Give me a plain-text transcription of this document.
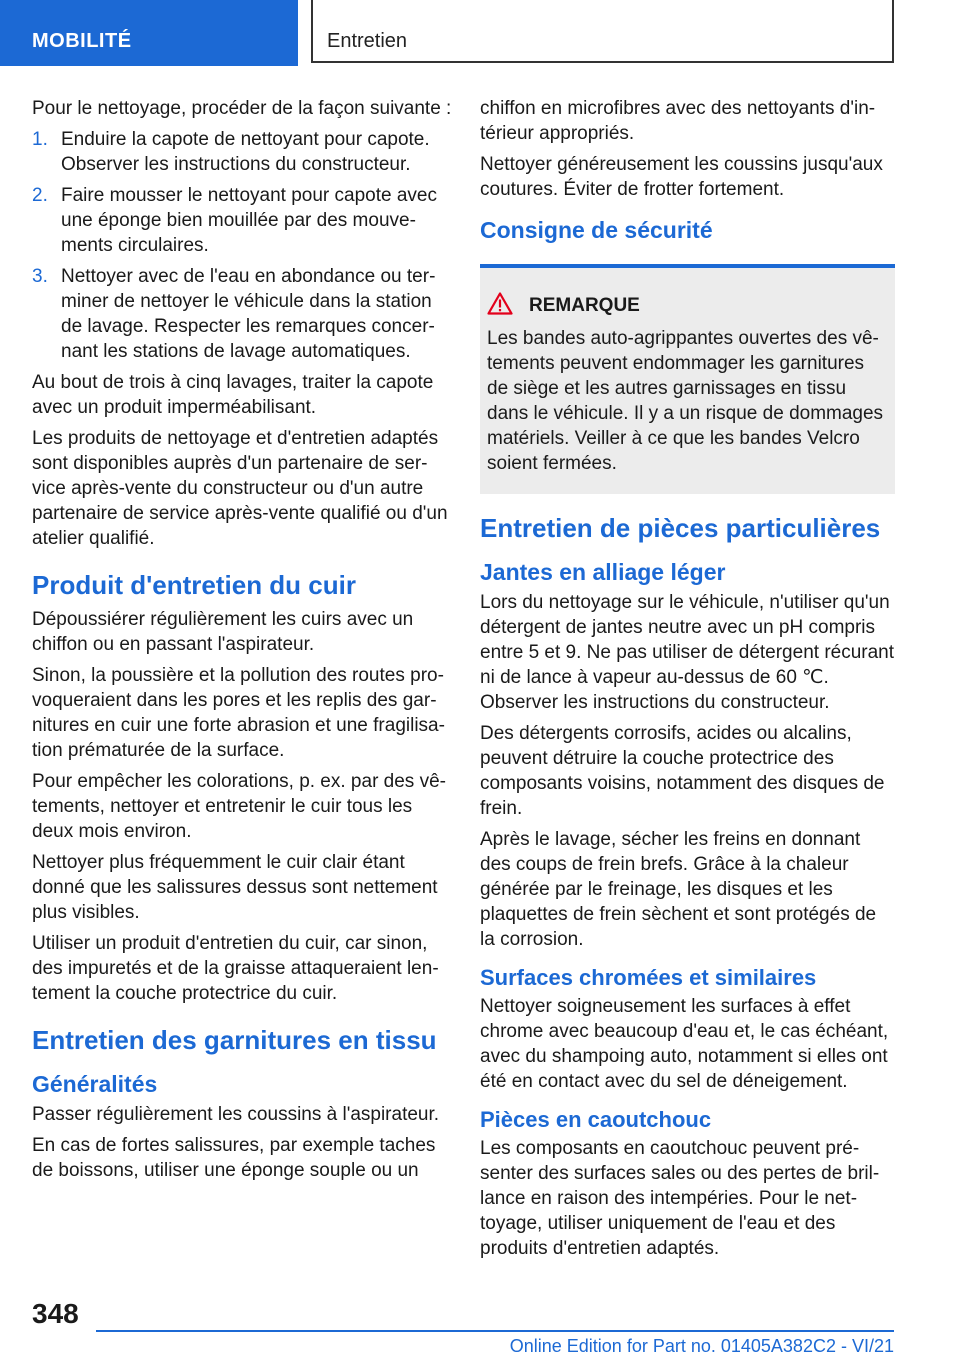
MOBILITÉ	Entretien

Pour le nettoyage, procéder de la façon suivante :

1. Enduire la capote de nettoyant pour capote. Observer les instructions du constructeur.
2. Faire mousser le nettoyant pour capote avec une éponge bien mouillée par des mouvements circulaires.
3. Nettoyer avec de l'eau en abondance ou terminer de nettoyer le véhicule dans la station de lavage. Respecter les remarques concernant les stations de lavage automatiques.

Au bout de trois à cinq lavages, traiter la capote avec un produit imperméabilisant.

Les produits de nettoyage et d'entretien adaptés sont disponibles auprès d'un partenaire de service après-vente du constructeur ou d'un autre partenaire de service après-vente qualifié ou d'un atelier qualifié.

Produit d'entretien du cuir

Dépoussiérer régulièrement les cuirs avec un chiffon ou en passant l'aspirateur.

Sinon, la poussière et la pollution des routes provoqueraient dans les pores et les replis des garnitures en cuir une forte abrasion et une fragilisation prématurée de la surface.

Pour empêcher les colorations, p. ex. par des vêtements, nettoyer et entretenir le cuir tous les deux mois environ.

Nettoyer plus fréquemment le cuir clair étant donné que les salissures dessus sont nettement plus visibles.

Utiliser un produit d'entretien du cuir, car sinon, des impuretés et de la graisse attaqueraient lentement la couche protectrice du cuir.

Entretien des garnitures en tissu
Généralités

Passer régulièrement les coussins à l'aspirateur.

En cas de fortes salissures, par exemple taches de boissons, utiliser une éponge souple ou un

chiffon en microfibres avec des nettoyants d'intérieur appropriés.

Nettoyer généreusement les coussins jusqu'aux coutures. Éviter de frotter fortement.

Consigne de sécurité
REMARQUE

Les bandes auto-agrippantes ouvertes des vêtements peuvent endommager les garnitures de siège et les autres garnissages en tissu dans le véhicule. Il y a un risque de dommages matériels. Veiller à ce que les bandes Velcro soient fermées.

Entretien de pièces particulières
Jantes en alliage léger

Lors du nettoyage sur le véhicule, n'utiliser qu'un détergent de jantes neutre avec un pH compris entre 5 et 9. Ne pas utiliser de détergent récurant ni de lance à vapeur au-dessus de 60 ℃. Observer les instructions du constructeur.

Des détergents corrosifs, acides ou alcalins, peuvent détruire la couche protectrice des composants voisins, notamment des disques de frein.

Après le lavage, sécher les freins en donnant des coups de frein brefs. Grâce à la chaleur générée par le freinage, les disques et les plaquettes de frein sèchent et sont protégés de la corrosion.

Surfaces chromées et similaires

Nettoyer soigneusement les surfaces à effet chrome avec beaucoup d'eau et, le cas échéant, avec du shampoing auto, notamment si elles ont été en contact avec du sel de déneigement.

Pièces en caoutchouc

Les composants en caoutchouc peuvent présenter des surfaces sales ou des pertes de brillance en raison des intempéries. Pour le nettoyage, utiliser uniquement de l'eau et des produits d'entretien adaptés.

348
Online Edition for Part no. 01405A382C2 - VI/21
